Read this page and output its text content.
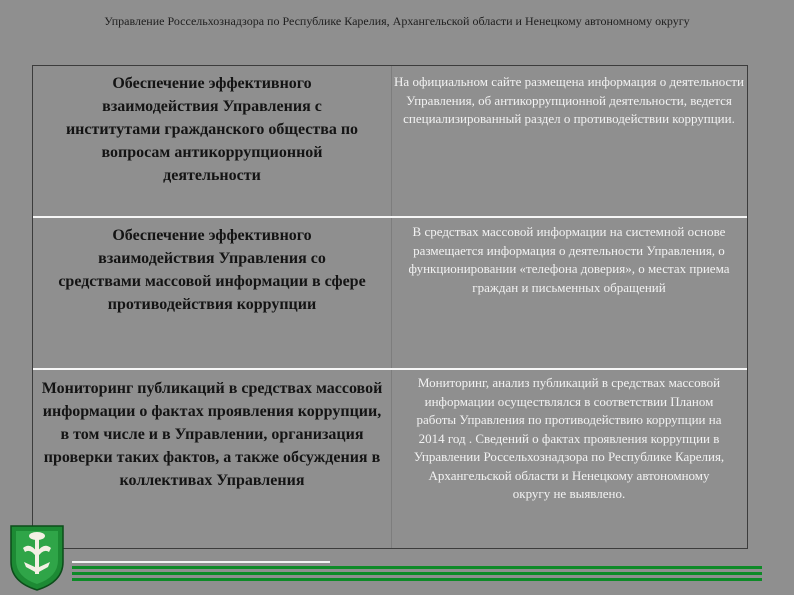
Управление Россельхознадзора по Республике Карелия, Архангельской области и Ненецкому автономному округу
Обеспечение эффективного взаимодействия Управления с институтами гражданского общества по вопросам антикоррупционной деятельности
На официальном сайте размещена информация о деятельности Управления, об антикоррупционной деятельности, ведется специализированный раздел о противодействии коррупции.
Обеспечение эффективного взаимодействия Управления со средствами массовой информации в сфере противодействия коррупции
В средствах массовой информации на системной основе размещается информация о деятельности Управления, о функционировании «телефона доверия», о местах приема граждан и письменных обращений
Мониторинг публикаций в средствах массовой информации о фактах проявления коррупции, в том числе и в Управлении, организация проверки таких фактов, а также обсуждения в коллективах Управления
Мониторинг, анализ публикаций в средствах массовой информации осуществлялся в соответствии Планом работы Управления по противодействию коррупции на 2014 год . Сведений о фактах проявления коррупции в Управлении Россельхознадзора по Республике Карелия, Архангельской области и Ненецкому автономному округу не выявлено.
